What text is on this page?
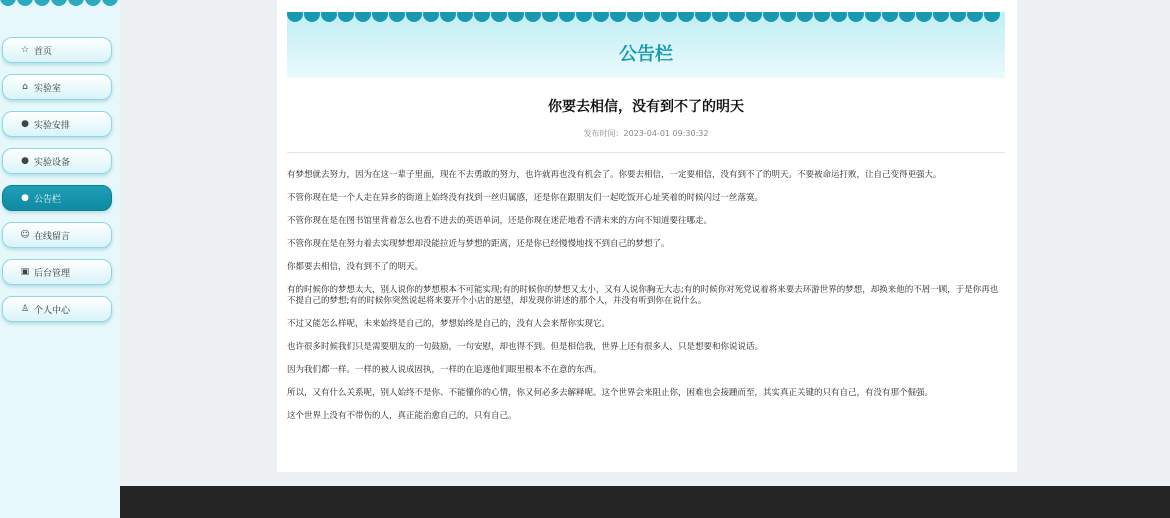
☆ 首页
⌂ 实验室
● 实验安排
● 实验设备
● 公告栏
☺ 在线留言
▣ 后台管理
♙ 个人中心
公告栏
你要去相信，没有到不了的明天
发布时间：2023-04-01 09:30:32

有梦想就去努力，因为在这一辈子里面，现在不去勇敢的努力，也许就再也没有机会了。你要去相信，一定要相信，没有到不了的明天。不要被命运打败，让自己变得更强大。

不管你现在是一个人走在异乡的街道上始终没有找到一丝归属感，还是你在跟朋友们一起吃饭开心址笑着的时候闪过一丝落寞。

不管你现在是在图书馆里背着怎么也看不进去的英语单词，还是你现在迷茫地看不清未来的方向不知道要往哪走。

不管你现在是在努力着去实现梦想却没能拉近与梦想的距离，还是你已经慢慢地找不到自己的梦想了。

你都要去相信，没有到不了的明天。

有的时候你的梦想太大，别人说你的梦想根本不可能实现;有的时候你的梦想又太小，又有人说你胸无大志;有的时候你对死党说着将来要去环游世界的梦想，却换来他的不屑一顾，于是你再也不提自己的梦想;有的时候你突然说起将来要开个小店的愿望，却发现你讲述的那个人，并没有听到你在说什么。

不过又能怎么样呢，未来始终是自己的，梦想始终是自己的，没有人会来帮你实现它。

也许很多时候我们只是需要朋友的一句鼓励，一句安慰，却也得不到。但是相信我，世界上还有很多人，只是想要和你说说话。

因为我们都一样。一样的被人说成固执，一样的在追逐他们眼里根本不在意的东西。

所以，又有什么关系呢，别人始终不是你、不能懂你的心情，你又何必多去解释呢。这个世界会来阻止你，困难也会接踵而至，其实真正关键的只有自己，有没有那个倔强。

这个世界上没有不带伤的人，真正能治愈自己的，只有自己。
